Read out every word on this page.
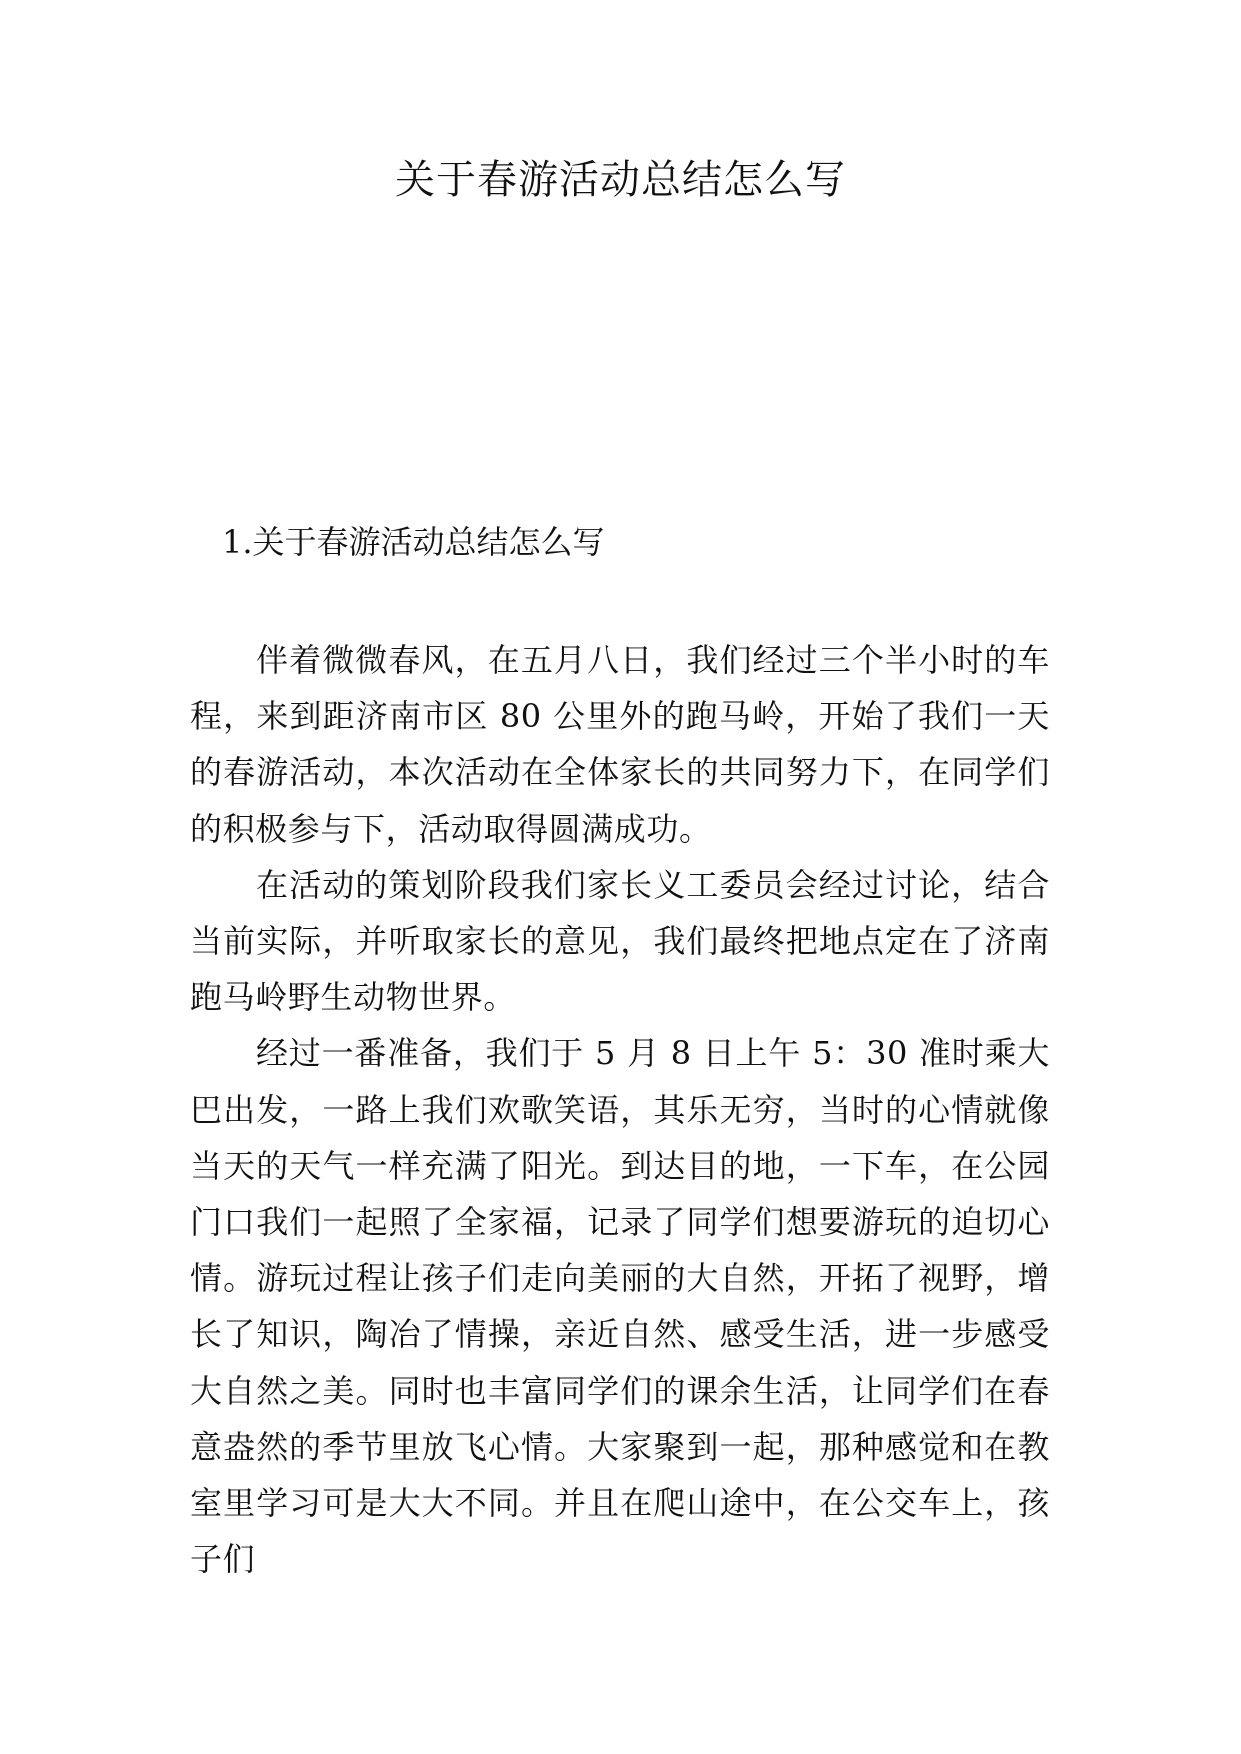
关于春游活动总结怎么写
1.关于春游活动总结怎么写

伴着微微春风，在五月八日，我们经过三个半小时的车程，来到距济南市区 80 公里外的跑马岭，开始了我们一天的春游活动，本次活动在全体家长的共同努力下，在同学们的积极参与下，活动取得圆满成功。

在活动的策划阶段我们家长义工委员会经过讨论，结合当前实际，并听取家长的意见，我们最终把地点定在了济南跑马岭野生动物世界。

经过一番准备，我们于 5 月 8 日上午 5：30 准时乘大巴出发，一路上我们欢歌笑语，其乐无穷，当时的心情就像当天的天气一样充满了阳光。到达目的地，一下车，在公园门口我们一起照了全家福，记录了同学们想要游玩的迫切心情。游玩过程让孩子们走向美丽的大自然，开拓了视野，增长了知识，陶冶了情操，亲近自然、感受生活，进一步感受大自然之美。同时也丰富同学们的课余生活，让同学们在春意盎然的季节里放飞心情。大家聚到一起，那种感觉和在教室里学习可是大大不同。并且在爬山途中，在公交车上，孩子们
